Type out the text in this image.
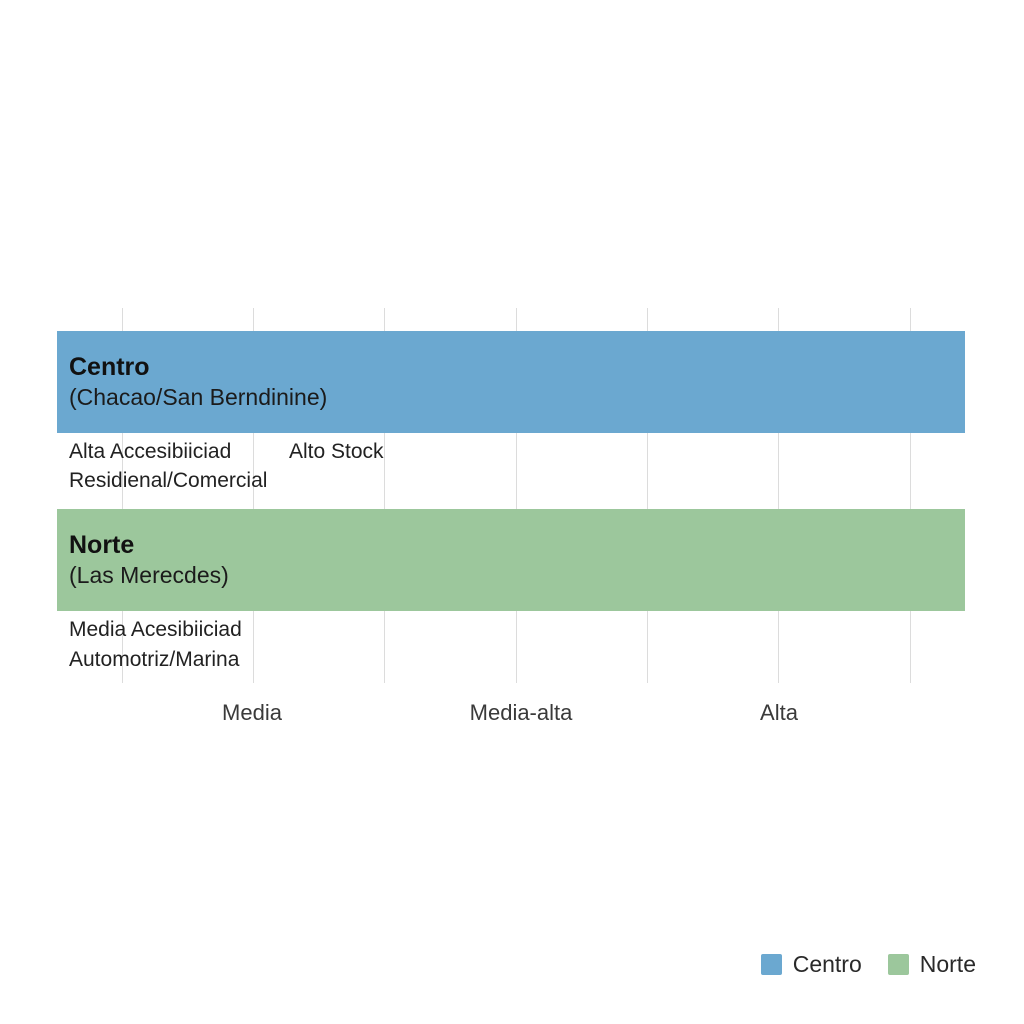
Centro
(Chacao/San Berndinine)
Alta Accesibiiciad
Residienal/Comercial
Alto Stock
Norte
(Las Merecdes)
Media Acesibiiciad
Automotriz/Marina
Media	Media-alta	Alta
Centro	Norte
